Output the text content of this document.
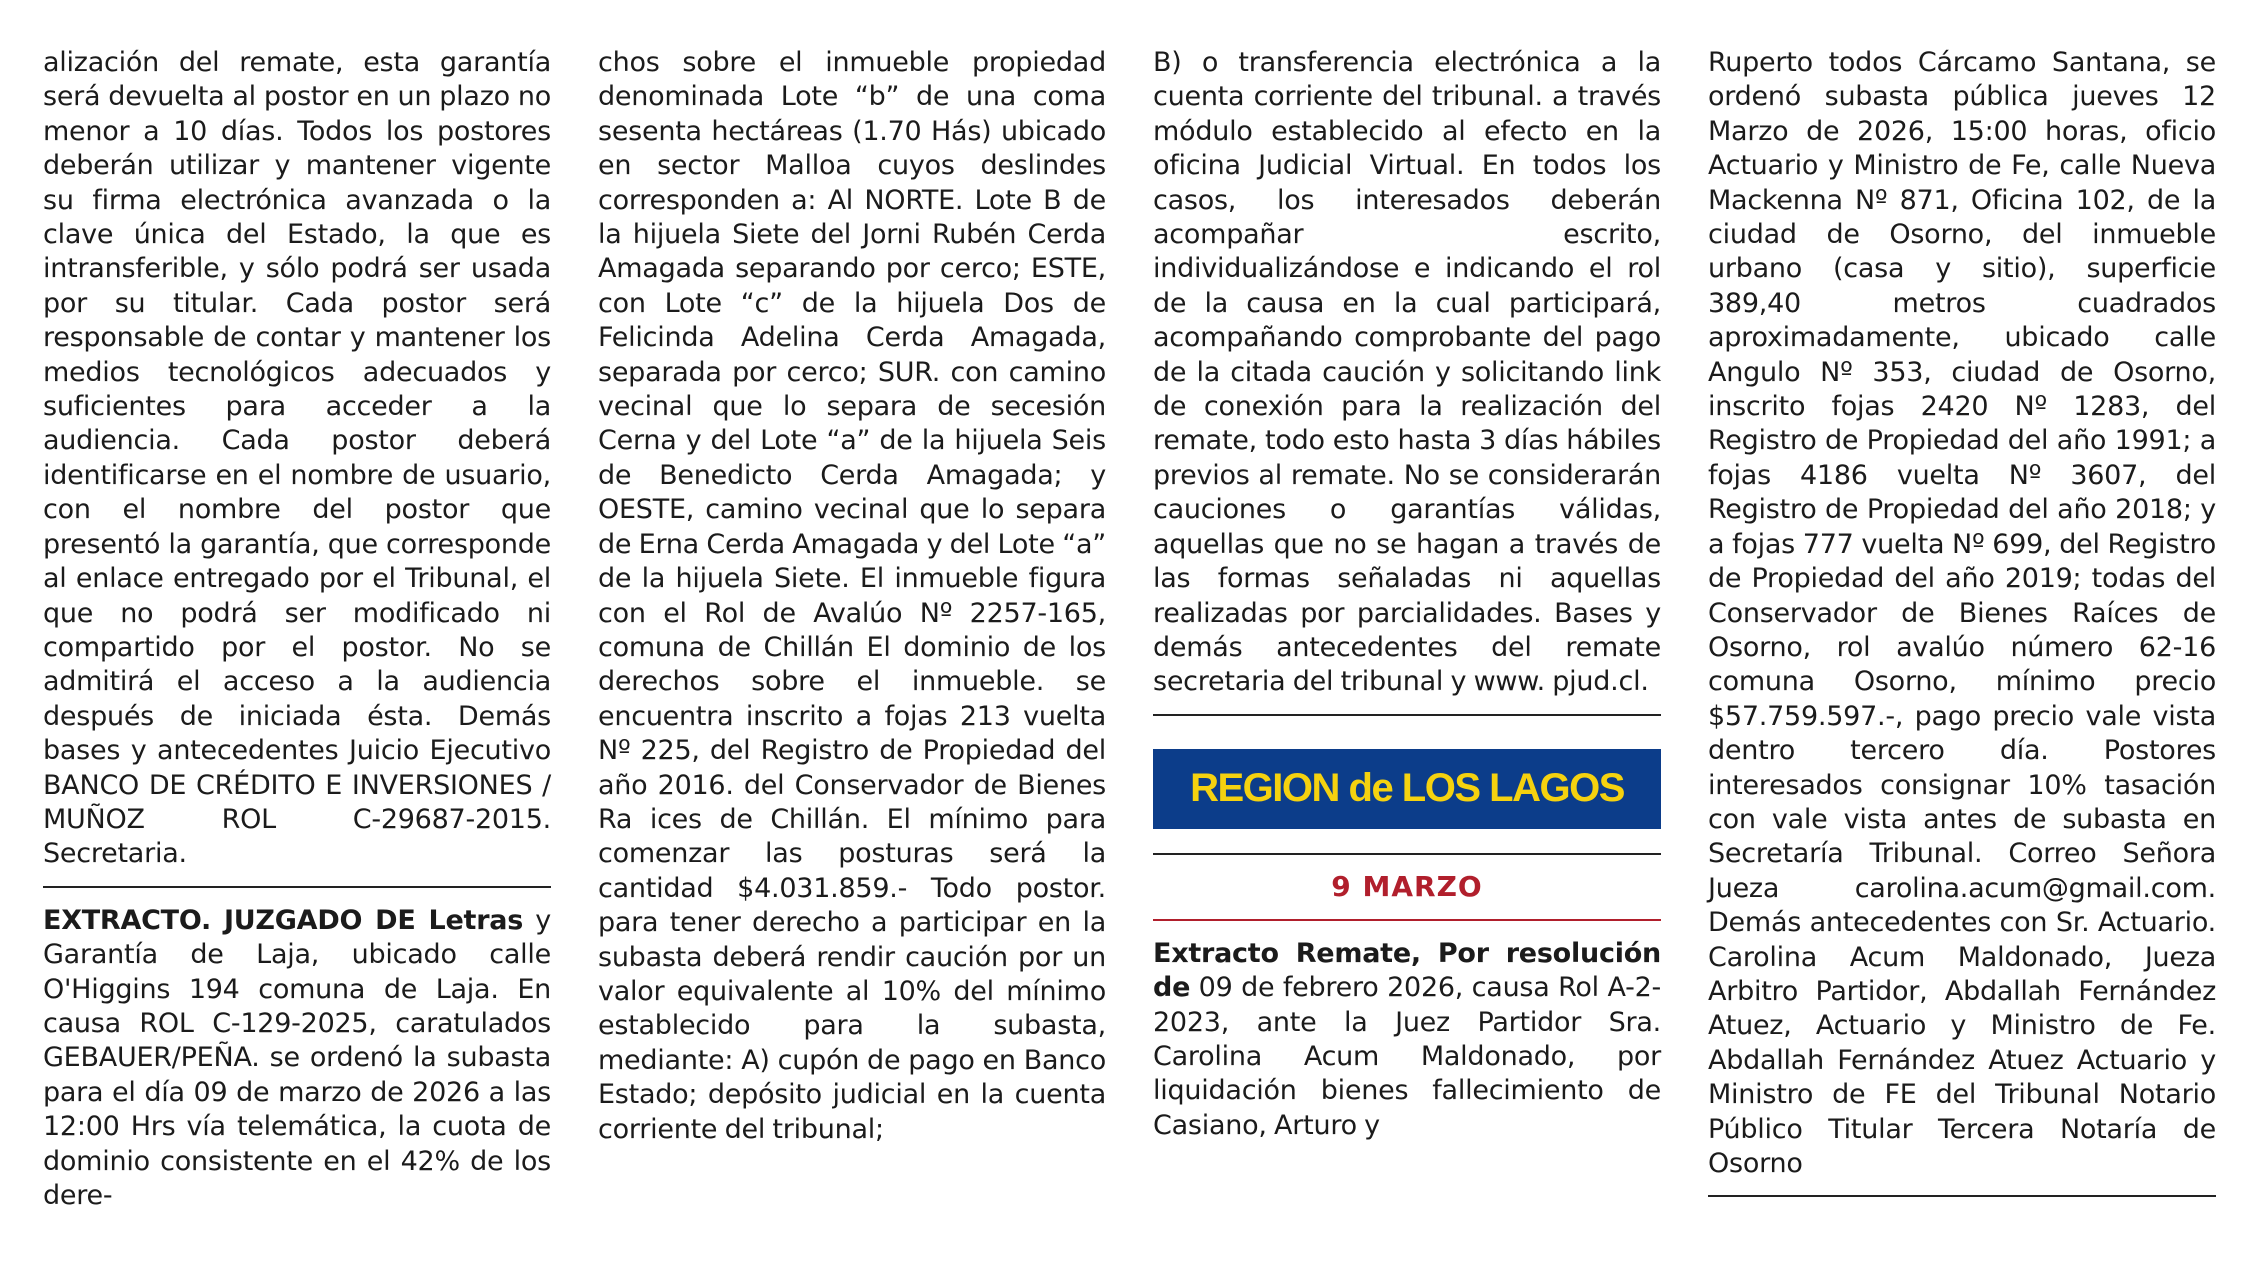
alización del remate, esta garantía será devuelta al postor en un plazo no menor a 10 días. Todos los postores deberán utilizar y mantener vigente su firma electrónica avanzada o la clave única del Estado, la que es intransferible, y sólo podrá ser usada por su titular. Cada postor será responsable de contar y mantener los medios tecnológicos adecuados y suficientes para acceder a la audiencia. Cada postor deberá identificarse en el nombre de usuario, con el nombre del postor que presentó la garantía, que corresponde al enlace entregado por el Tribunal, el que no podrá ser modificado ni compartido por el postor. No se admitirá el acceso a la audiencia después de iniciada ésta. Demás bases y antecedentes Juicio Ejecutivo BANCO DE CRÉDITO E INVERSIONES / MUÑOZ ROL C-29687-2015. Secretaria.

EXTRACTO. JUZGADO DE Letras y Garantía de Laja, ubicado calle O'Higgins 194 comuna de Laja. En causa ROL C-129-2025, caratulados GEBAUER/PEÑA. se ordenó la subasta para el día 09 de marzo de 2026 a las 12:00 Hrs vía telemática, la cuota de dominio consistente en el 42% de los dere-

chos sobre el inmueble propiedad denominada Lote “b” de una coma sesenta hectáreas (1.70 Hás) ubicado en sector Malloa cuyos deslindes corresponden a: Al NORTE. Lote B de la hijuela Siete del Jorni Rubén Cerda Amagada separando por cerco; ESTE, con Lote “c” de la hijuela Dos de Felicinda Adelina Cerda Amagada, separada por cerco; SUR. con camino vecinal que lo separa de secesión Cerna y del Lote “a” de la hijuela Seis de Benedicto Cerda Amagada; y OESTE, camino vecinal que lo separa de Erna Cerda Amagada y del Lote “a” de la hijuela Siete. El inmueble figura con el Rol de Avalúo Nº 2257-165, comuna de Chillán El dominio de los derechos sobre el inmueble. se encuentra inscrito a fojas 213 vuelta Nº 225, del Registro de Propiedad del año 2016. del Conservador de Bienes Ra ices de Chillán. El mínimo para comenzar las posturas será la cantidad $4.031.859.- Todo postor. para tener derecho a participar en la subasta deberá rendir caución por un valor equivalente al 10% del mínimo establecido para la subasta, mediante: A) cupón de pago en Banco Estado; depósito judicial en la cuenta corriente del tribunal;

B) o transferencia electrónica a la cuenta corriente del tribunal. a través módulo establecido al efecto en la oficina Judicial Virtual. En todos los casos, los interesados deberán acompañar escrito, individualizándose e indicando el rol de la causa en la cual participará, acompañando comprobante del pago de la citada caución y solicitando link de conexión para la realización del remate, todo esto hasta 3 días hábiles previos al remate. No se considerarán cauciones o garantías válidas, aquellas que no se hagan a través de las formas señaladas ni aquellas realizadas por parcialidades. Bases y demás antecedentes del remate secretaria del tribunal y www. pjud.cl.

REGION de LOS LAGOS
9 MARZO

Extracto Remate, Por resolución de 09 de febrero 2026, causa Rol A-2-2023, ante la Juez Partidor Sra. Carolina Acum Maldonado, por liquidación bienes fallecimiento de Casiano, Arturo y

Ruperto todos Cárcamo Santana, se ordenó subasta pública jueves 12 Marzo de 2026, 15:00 horas, oficio Actuario y Ministro de Fe, calle Nueva Mackenna Nº 871, Oficina 102, de la ciudad de Osorno, del inmueble urbano (casa y sitio), superficie 389,40 metros cuadrados aproximadamente, ubicado calle Angulo Nº 353, ciudad de Osorno, inscrito fojas 2420 Nº 1283, del Registro de Propiedad del año 1991; a fojas 4186 vuelta Nº 3607, del Registro de Propiedad del año 2018; y a fojas 777 vuelta Nº 699, del Registro de Propiedad del año 2019; todas del Conservador de Bienes Raíces de Osorno, rol avalúo número 62-16 comuna Osorno, mínimo precio $57.759.597.-, pago precio vale vista dentro tercero día. Postores interesados consignar 10% tasación con vale vista antes de subasta en Secretaría Tribunal. Correo Señora Jueza carolina.acum@gmail.com. Demás antecedentes con Sr. Actuario. Carolina Acum Maldonado, Jueza Arbitro Partidor, Abdallah Fernández Atuez, Actuario y Ministro de Fe. Abdallah Fernández Atuez Actuario y Ministro de FE del Tribunal Notario Público Titular Tercera Notaría de Osorno
